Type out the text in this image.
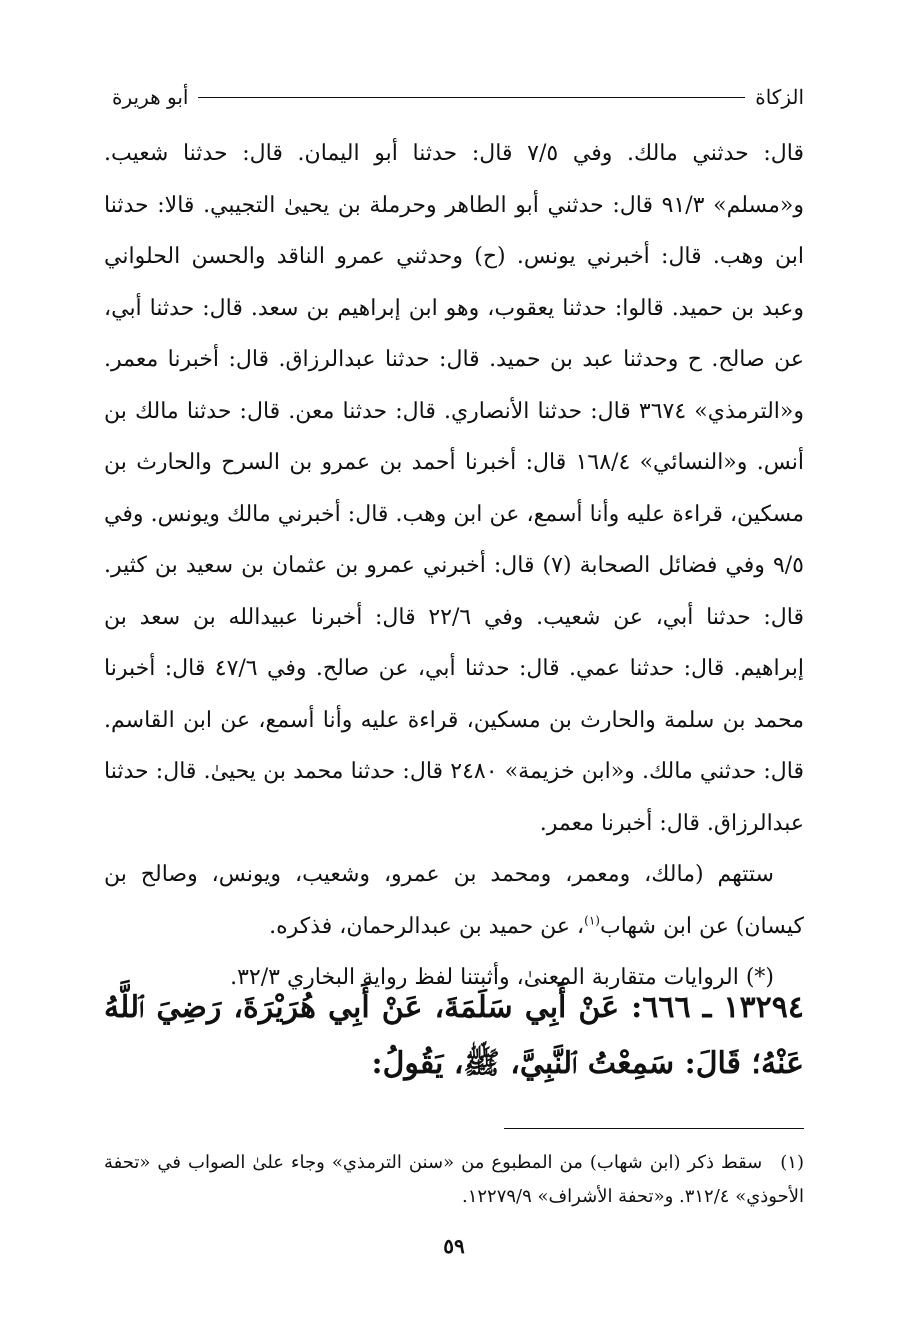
الزكاة
أبو هريرة

قال: حدثني مالك. وفي ٧/٥ قال: حدثنا أبو اليمان. قال: حدثنا شعيب. و«مسلم» ٩١/٣ قال: حدثني أبو الطاهر وحرملة بن يحيىٰ التجيبي. قالا: حدثنا ابن وهب. قال: أخبرني يونس. (ح) وحدثني عمرو الناقد والحسن الحلواني وعبد بن حميد. قالوا: حدثنا يعقوب، وهو ابن إبراهيم بن سعد. قال: حدثنا أبي، عن صالح. ح وحدثنا عبد بن حميد. قال: حدثنا عبدالرزاق. قال: أخبرنا معمر. و«الترمذي» ٣٦٧٤ قال: حدثنا الأنصاري. قال: حدثنا معن. قال: حدثنا مالك بن أنس. و«النسائي» ١٦٨/٤ قال: أخبرنا أحمد بن عمرو بن السرح والحارث بن مسكين، قراءة عليه وأنا أسمع، عن ابن وهب. قال: أخبرني مالك ويونس. وفي ٩/٥ وفي فضائل الصحابة (٧) قال: أخبرني عمرو بن عثمان بن سعيد بن كثير. قال: حدثنا أبي، عن شعيب. وفي ٢٢/٦ قال: أخبرنا عبيدالله بن سعد بن إبراهيم. قال: حدثنا عمي. قال: حدثنا أبي، عن صالح. وفي ٤٧/٦ قال: أخبرنا محمد بن سلمة والحارث بن مسكين، قراءة عليه وأنا أسمع، عن ابن القاسم. قال: حدثني مالك. و«ابن خزيمة» ٢٤٨٠ قال: حدثنا محمد بن يحيىٰ. قال: حدثنا عبدالرزاق. قال: أخبرنا معمر.

ستتهم (مالك، ومعمر، ومحمد بن عمرو، وشعيب، ويونس، وصالح بن كيسان) عن ابن شهاب$^{(١)}$، عن حميد بن عبدالرحمان، فذكره.

(*) الروايات متقاربة المعنىٰ، وأثبتنا لفظ رواية البخاري ٣٢/٣.

١٣٢٩٤ ـ ٦٦٦: عَنْ أَبِي سَلَمَةَ، عَنْ أَبِي هُرَيْرَةَ، رَضِيَ ٱللَّهُ عَنْهُ؛ قَالَ: سَمِعْتُ ٱلنَّبِيَّ، ﷺ، يَقُولُ:
(١)سقط ذكر (ابن شهاب) من المطبوع من «سنن الترمذي» وجاء علىٰ الصواب في «تحفة الأحوذي» ٣١٢/٤. و«تحفة الأشراف» ١٢٢٧٩/٩.
٥٩
